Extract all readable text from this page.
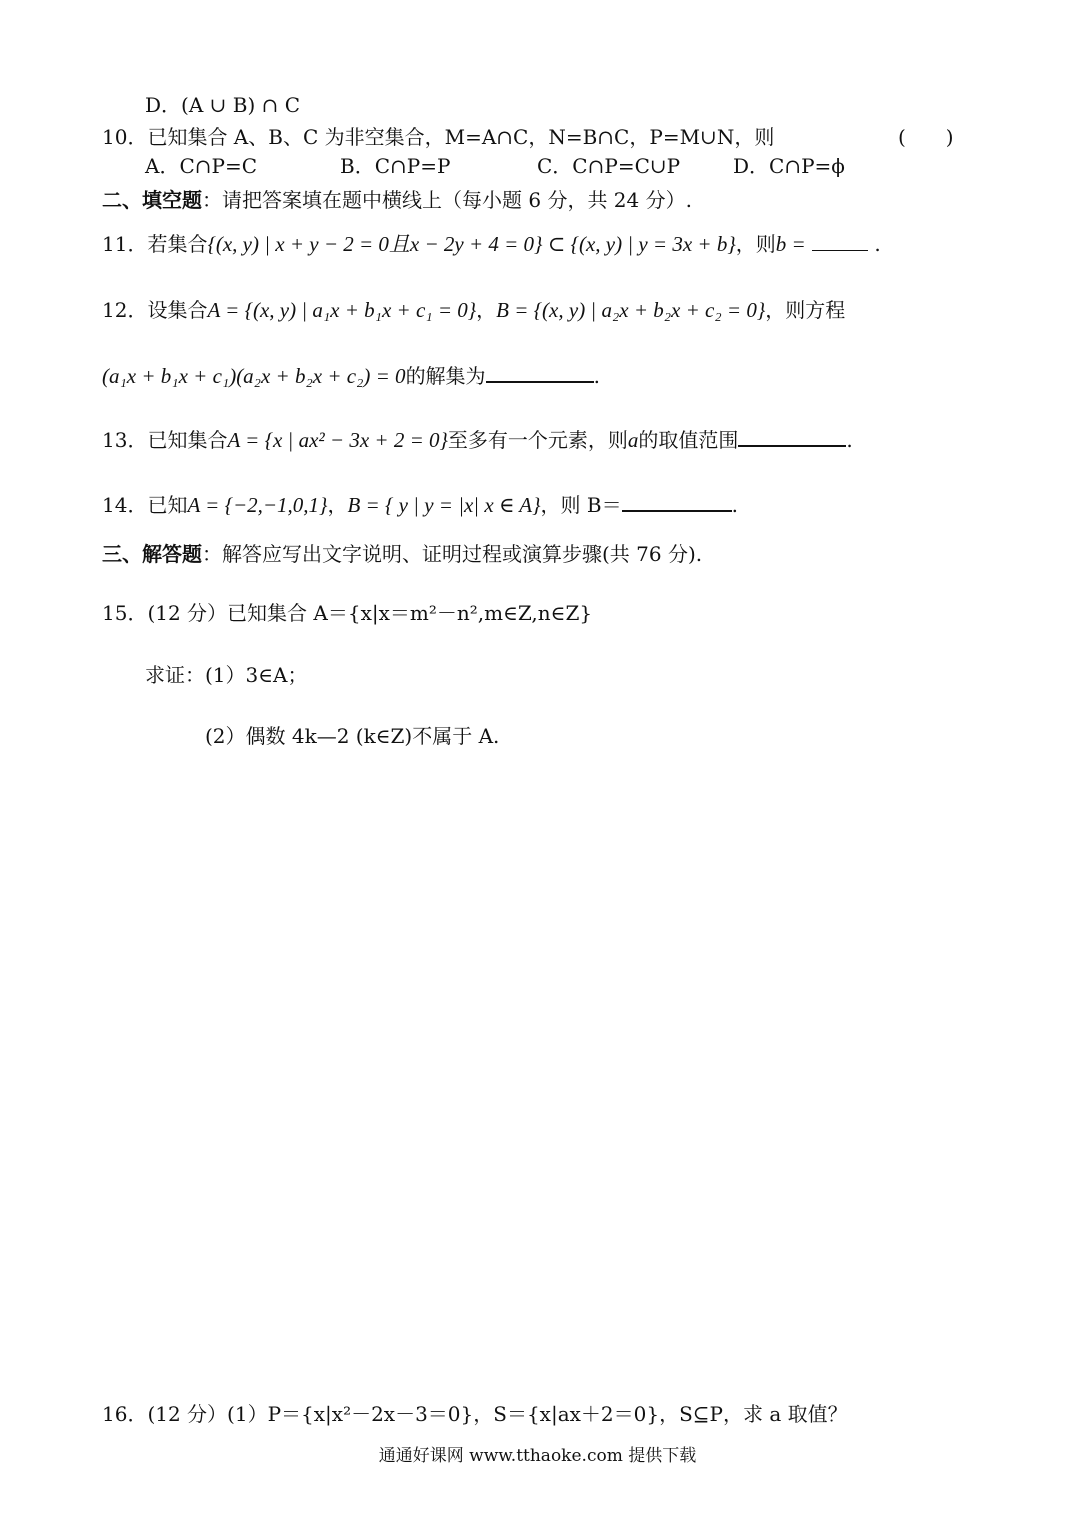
D．(A ∪ B) ∩ C
10．已知集合 A、B、C 为非空集合，M=A∩C，N=B∩C，P=M∪N，则	(　　)
A．C∩P=C	B．C∩P=P	C．C∩P=C∪P	D．C∩P=ϕ
二、填空题：请把答案填在题中横线上（每小题 6 分，共 24 分）.
11．若集合{(x, y) | x + y − 2 = 0且x − 2y + 4 = 0} ⊂ {(x, y) | y = 3x + b}，则b =	.
12．设集合A = {(x, y) | a₁x + b₁x + c₁ = 0}，B = {(x, y) | a₂x + b₂x + c₂ = 0}，则方程
(a₁x + b₁x + c₁)(a₂x + b₂x + c₂) = 0的解集为	.
13．已知集合A = {x | ax² − 3x + 2 = 0}至多有一个元素，则a的取值范围	.
14．已知A = {−2,−1,0,1}，B = { y | y = |x| x ∈ A}，则 B＝	.
三、解答题：解答应写出文字说明、证明过程或演算步骤(共 76 分).
15．(12 分）已知集合 A＝{x|x＝m²－n²,m∈Z,n∈Z}
求证：(1）3∈A；
(2）偶数 4k—2 (k∈Z)不属于 A.
16．(12 分）(1）P＝{x|x²－2x－3＝0}，S＝{x|ax＋2＝0}，S⊆P，求 a 取值？
通通好课网 www.tthaoke.com 提供下载
